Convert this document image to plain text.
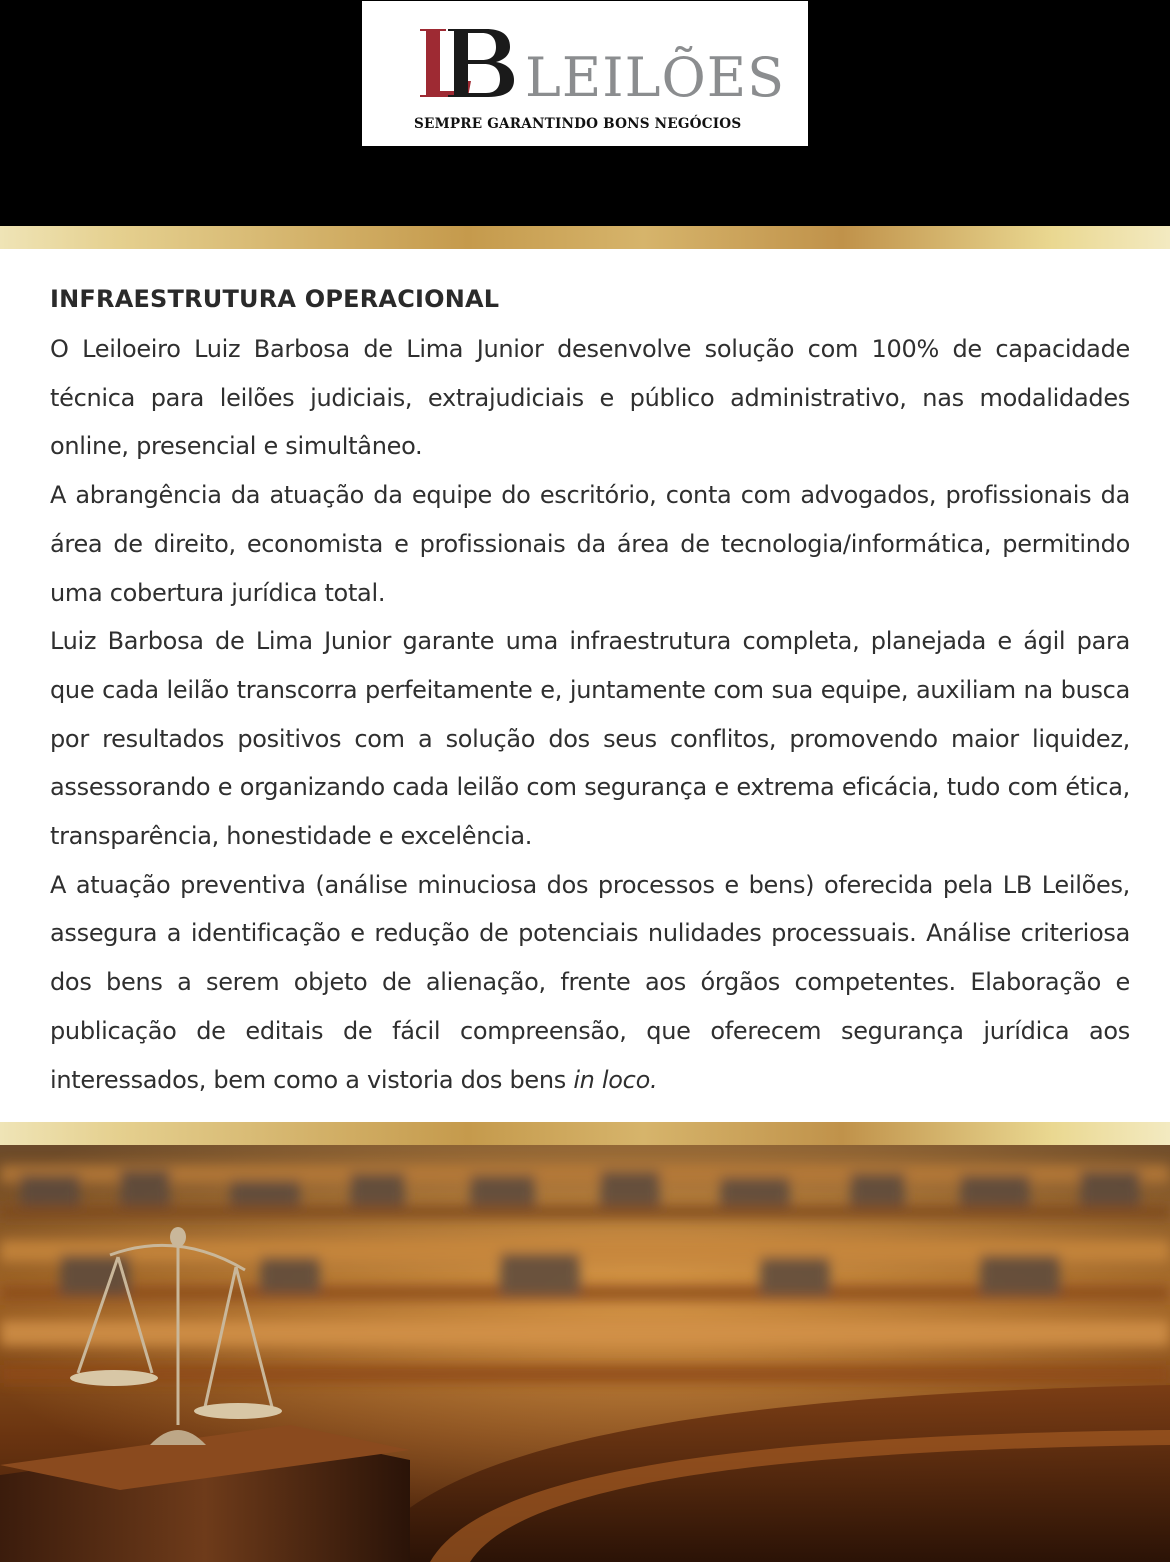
LEILÕES
SEMPRE GARANTINDO BONS NEGÓCIOS
INFRAESTRUTURA OPERACIONAL

O Leiloeiro Luiz Barbosa de Lima Junior desenvolve solução com 100% de capacidade técnica para leilões judiciais, extrajudiciais e público administrativo, nas modalidades online, presencial e simultâneo.

A abrangência da atuação da equipe do escritório, conta com advogados, profissionais da área de direito, economista e profissionais da área de tecnologia/informática, permitindo uma cobertura jurídica total.

Luiz Barbosa de Lima Junior garante uma infraestrutura completa, planejada e ágil para que cada leilão transcorra perfeitamente e, juntamente com sua equipe, auxiliam na busca por resultados positivos com a solução dos seus conflitos, promovendo maior liquidez, assessorando e organizando cada leilão com segurança e extrema eficácia, tudo com ética, transparência, honestidade e excelência.

A atuação preventiva (análise minuciosa dos processos e bens) oferecida pela LB Leilões, assegura a identificação e redução de potenciais nulidades processuais. Análise criteriosa dos bens a serem objeto de alienação, frente aos órgãos competentes. Elaboração e publicação de editais de fácil compreensão, que oferecem segurança jurídica aos interessados, bem como a vistoria dos bens in loco.
